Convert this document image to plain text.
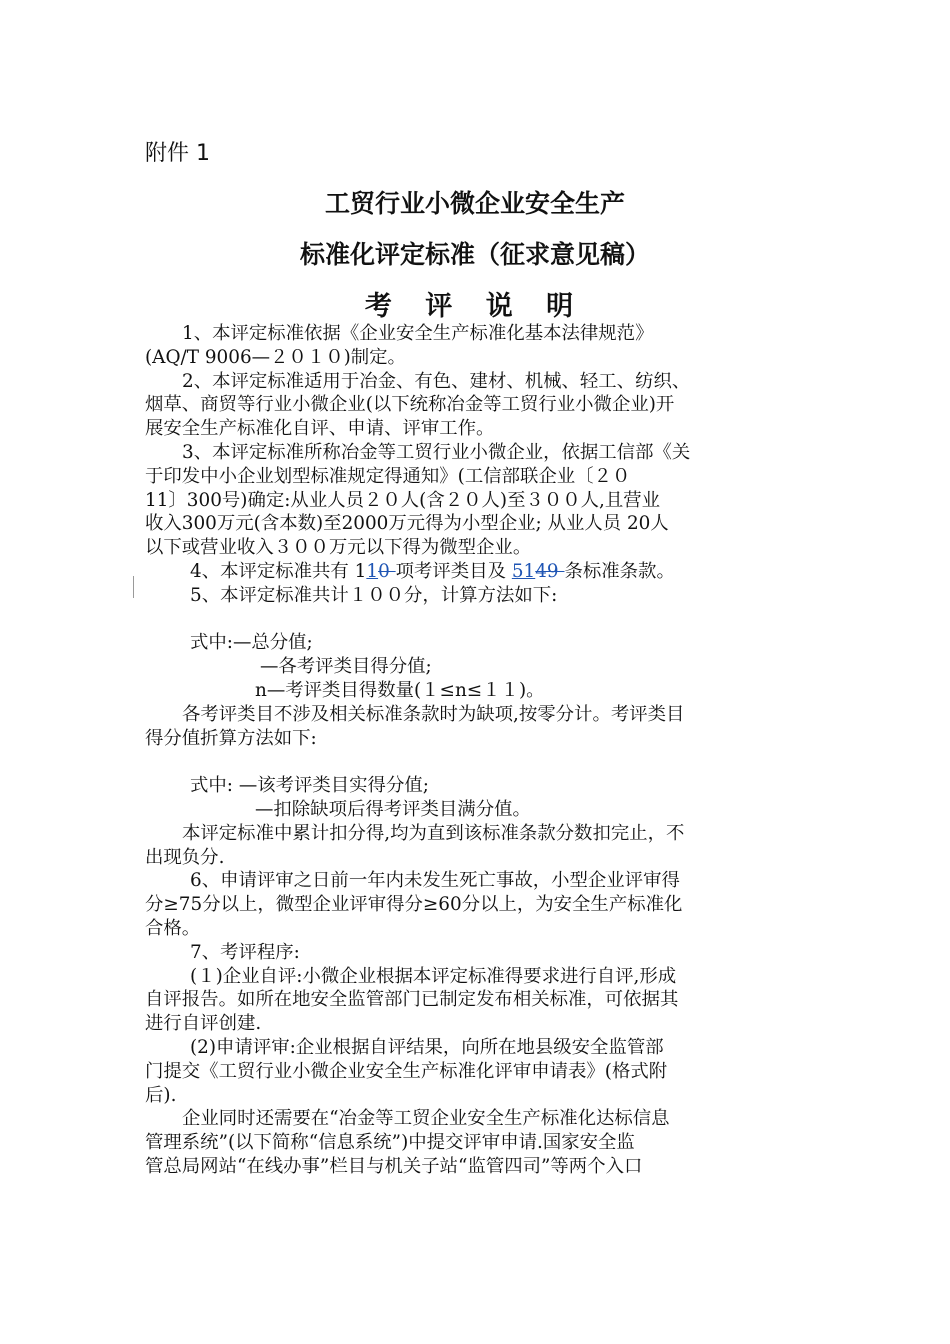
附件 1
工贸行业小微企业安全生产
标准化评定标准（征求意见稿）
考 评 说 明

1、本评定标准依据《企业安全生产标准化基本法律规范》

(AQ/T 9006—２０１０)制定。

2、本评定标准适用于冶金、有色、建材、机械、轻工、纺织、

烟草、商贸等行业小微企业(以下统称冶金等工贸行业小微企业)开

展安全生产标准化自评、申请、评审工作。

3、本评定标准所称冶金等工贸行业小微企业，依据工信部《关

于印发中小企业划型标准规定得通知》(工信部联企业〔２０

11〕300号)确定:从业人员２０人(含２０人)至３００人,且营业

收入300万元(含本数)至2000万元得为小型企业; 从业人员 20人

以下或营业收入３００万元以下得为微型企业。

4、本评定标准共有 110 项考评类目及 5149 条标准条款。

5、本评定标准共计１００分，计算方法如下:

式中:—总分值;

—各考评类目得分值;

n—考评类目得数量(１≤n≤１１)。

各考评类目不涉及相关标准条款时为缺项,按零分计。考评类目

得分值折算方法如下:

式中: —该考评类目实得分值;

—扣除缺项后得考评类目满分值。

本评定标准中累计扣分得,均为直到该标准条款分数扣完止，不

出现负分.

6、申请评审之日前一年内未发生死亡事故，小型企业评审得

分≥75分以上，微型企业评审得分≥60分以上，为安全生产标准化

合格。

7、考评程序:

(１)企业自评:小微企业根据本评定标准得要求进行自评,形成

自评报告。如所在地安全监管部门已制定发布相关标准，可依据其

进行自评创建.

(2)申请评审:企业根据自评结果，向所在地县级安全监管部

门提交《工贸行业小微企业安全生产标准化评审申请表》(格式附

后).

企业同时还需要在“冶金等工贸企业安全生产标准化达标信息

管理系统”(以下简称“信息系统”)中提交评审申请.国家安全监

管总局网站“在线办事”栏目与机关子站“监管四司”等两个入口
